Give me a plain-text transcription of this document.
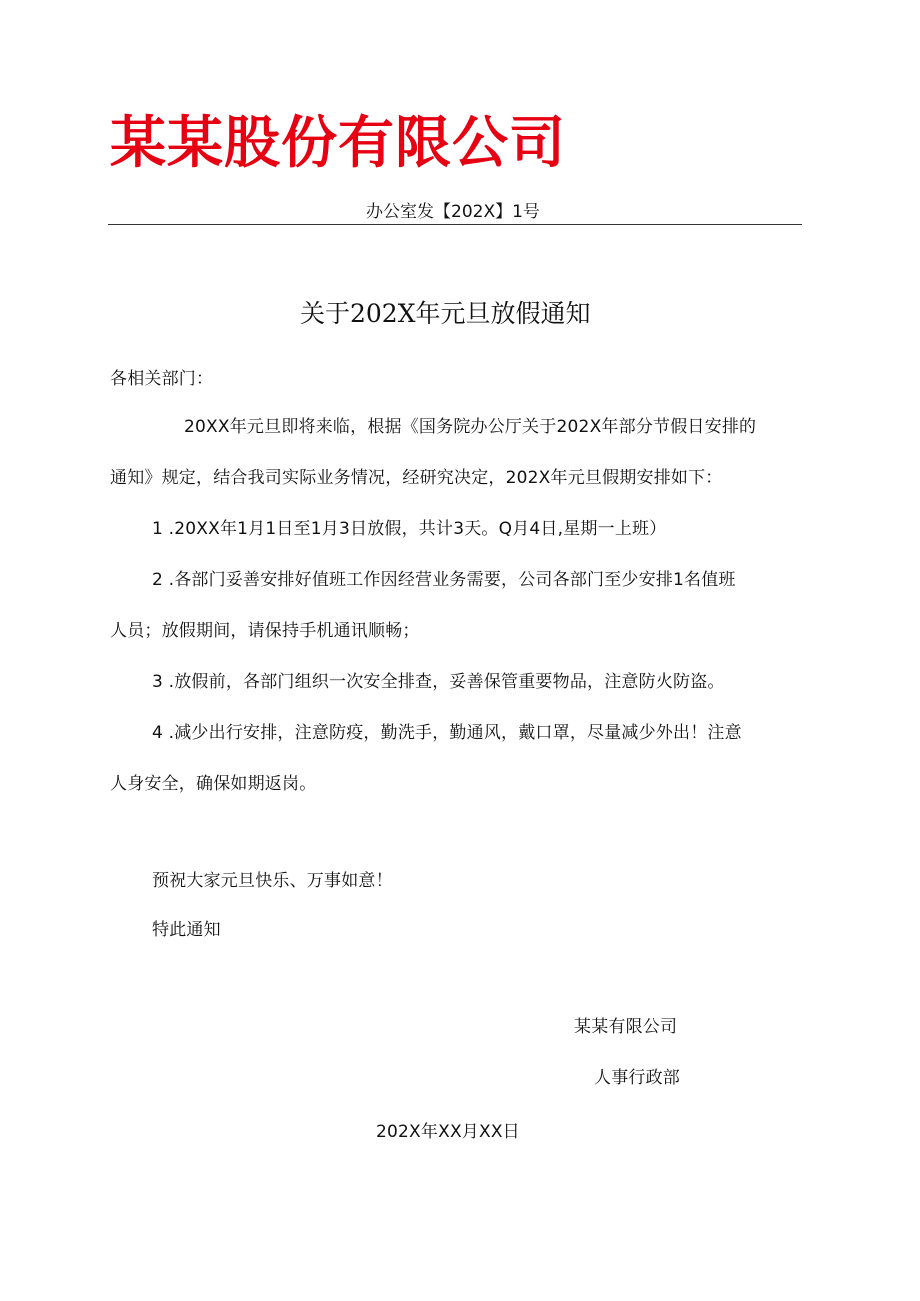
某某股份有限公司
办公室发【202X】1号
关于202X年元旦放假通知
各相关部门：
20XX年元旦即将来临，根据《国务院办公厅关于202X年部分节假日安排的
通知》规定，结合我司实际业务情况，经研究决定，202X年元旦假期安排如下：
1 .20XX年1月1日至1月3日放假，共计3天。Q月4日,星期一上班）
2 .各部门妥善安排好值班工作因经营业务需要，公司各部门至少安排1名值班
人员；放假期间，请保持手机通讯顺畅；
3 .放假前，各部门组织一次安全排查，妥善保管重要物品，注意防火防盗。
4 .减少出行安排，注意防疫，勤洗手，勤通风，戴口罩，尽量减少外出！注意
人身安全，确保如期返岗。
预祝大家元旦快乐、万事如意！
特此通知
某某有限公司
人事行政部
202X年XX月XX日
